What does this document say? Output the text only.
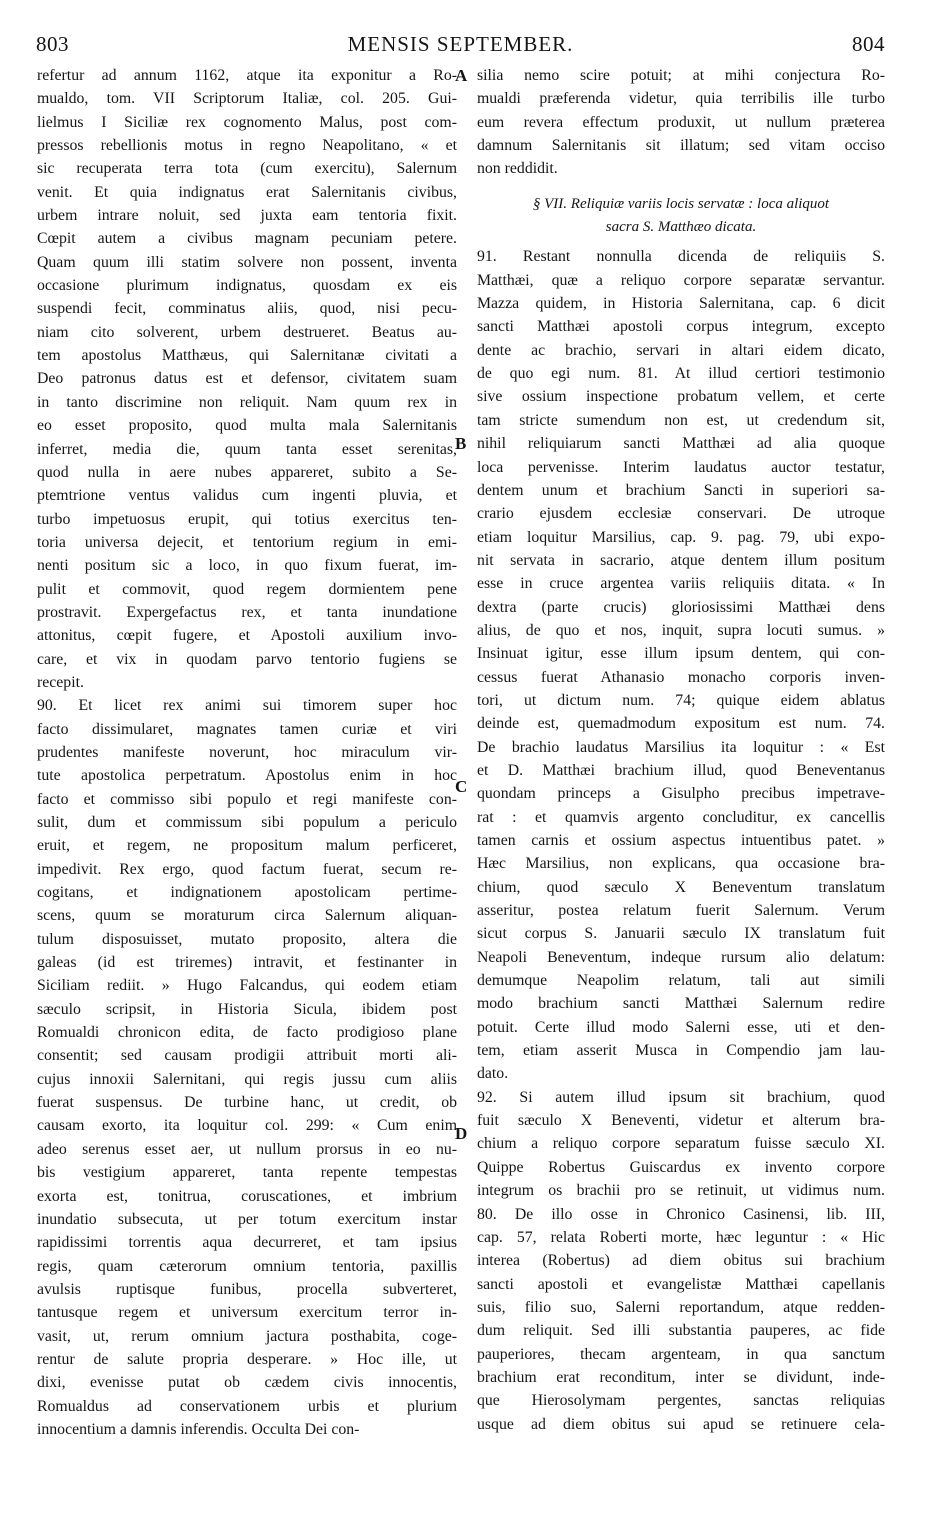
803	MENSIS SEPTEMBER.	804
A
B
C
D
refertur ad annum 1162, atque ita exponitur a Ro-
mualdo, tom. VII Scriptorum Italiæ, col. 205. Gui-
lielmus I Siciliæ rex cognomento Malus, post com-
pressos rebellionis motus in regno Neapolitano, « et
sic recuperata terra tota (cum exercitu), Salernum
venit. Et quia indignatus erat Salernitanis civibus,
urbem intrare noluit, sed juxta eam tentoria fixit.
Cœpit autem a civibus magnam pecuniam petere.
Quam quum illi statim solvere non possent, inventa
occasione plurimum indignatus, quosdam ex eis
suspendi fecit, comminatus aliis, quod, nisi pecu-
niam cito solverent, urbem destrueret. Beatus au-
tem apostolus Matthæus, qui Salernitanæ civitati a
Deo patronus datus est et defensor, civitatem suam
in tanto discrimine non reliquit. Nam quum rex in
eo esset proposito, quod multa mala Salernitanis
inferret, media die, quum tanta esset serenitas,
quod nulla in aere nubes appareret, subito a Se-
ptemtrione ventus validus cum ingenti pluvia, et
turbo impetuosus erupit, qui totius exercitus ten-
toria universa dejecit, et tentorium regium in emi-
nenti positum sic a loco, in quo fixum fuerat, im-
pulit et commovit, quod regem dormientem pene
prostravit. Expergefactus rex, et tanta inundatione
attonitus, cœpit fugere, et Apostoli auxilium invo-
care, et vix in quodam parvo tentorio fugiens se
recepit.
90. Et licet rex animi sui timorem super hoc
facto dissimularet, magnates tamen curiæ et viri
prudentes manifeste noverunt, hoc miraculum vir-
tute apostolica perpetratum. Apostolus enim in hoc
facto et commisso sibi populo et regi manifeste con-
sulit, dum et commissum sibi populum a periculo
eruit, et regem, ne propositum malum perficeret,
impedivit. Rex ergo, quod factum fuerat, secum re-
cogitans, et indignationem apostolicam pertime-
scens, quum se moraturum circa Salernum aliquan-
tulum disposuisset, mutato proposito, altera die
galeas (id est triremes) intravit, et festinanter in
Siciliam rediit. » Hugo Falcandus, qui eodem etiam
sæculo scripsit, in Historia Sicula, ibidem post
Romualdi chronicon edita, de facto prodigioso plane
consentit; sed causam prodigii attribuit morti ali-
cujus innoxii Salernitani, qui regis jussu cum aliis
fuerat suspensus. De turbine hanc, ut credit, ob
causam exorto, ita loquitur col. 299: « Cum enim
adeo serenus esset aer, ut nullum prorsus in eo nu-
bis vestigium appareret, tanta repente tempestas
exorta est, tonitrua, coruscationes, et imbrium
inundatio subsecuta, ut per totum exercitum instar
rapidissimi torrentis aqua decurreret, et tam ipsius
regis, quam cæterorum omnium tentoria, paxillis
avulsis ruptisque funibus, procella subverteret,
tantusque regem et universum exercitum terror in-
vasit, ut, rerum omnium jactura posthabita, coge-
rentur de salute propria desperare. » Hoc ille, ut
dixi, evenisse putat ob cædem civis innocentis,
Romualdus ad conservationem urbis et plurium
innocentium a damnis inferendis. Occulta Dei con-
silia nemo scire potuit; at mihi conjectura Ro-
mualdi præferenda videtur, quia terribilis ille turbo
eum revera effectum produxit, ut nullum præterea
damnum Salernitanis sit illatum; sed vitam occiso
non reddidit.
§ VII. Reliquiæ variis locis servatæ : loca aliquot
sacra S. Matthæo dicata.
91. Restant nonnulla dicenda de reliquiis S.
Matthæi, quæ a reliquo corpore separatæ servantur.
Mazza quidem, in Historia Salernitana, cap. 6 dicit
sancti Matthæi apostoli corpus integrum, excepto
dente ac brachio, servari in altari eidem dicato,
de quo egi num. 81. At illud certiori testimonio
sive ossium inspectione probatum vellem, et certe
tam stricte sumendum non est, ut credendum sit,
nihil reliquiarum sancti Matthæi ad alia quoque
loca pervenisse. Interim laudatus auctor testatur,
dentem unum et brachium Sancti in superiori sa-
crario ejusdem ecclesiæ conservari. De utroque
etiam loquitur Marsilius, cap. 9. pag. 79, ubi expo-
nit servata in sacrario, atque dentem illum positum
esse in cruce argentea variis reliquiis ditata. « In
dextra (parte crucis) gloriosissimi Matthæi dens
alius, de quo et nos, inquit, supra locuti sumus. »
Insinuat igitur, esse illum ipsum dentem, qui con-
cessus fuerat Athanasio monacho corporis inven-
tori, ut dictum num. 74; quique eidem ablatus
deinde est, quemadmodum expositum est num. 74.
De brachio laudatus Marsilius ita loquitur : « Est
et D. Matthæi brachium illud, quod Beneventanus
quondam princeps a Gisulpho precibus impetrave-
rat : et quamvis argento concluditur, ex cancellis
tamen carnis et ossium aspectus intuentibus patet. »
Hæc Marsilius, non explicans, qua occasione bra-
chium, quod sæculo X Beneventum translatum
asseritur, postea relatum fuerit Salernum. Verum
sicut corpus S. Januarii sæculo IX translatum fuit
Neapoli Beneventum, indeque rursum alio delatum:
demumque Neapolim relatum, tali aut simili
modo brachium sancti Matthæi Salernum redire
potuit. Certe illud modo Salerni esse, uti et den-
tem, etiam asserit Musca in Compendio jam lau-
dato.
92. Si autem illud ipsum sit brachium, quod
fuit sæculo X Beneventi, videtur et alterum bra-
chium a reliquo corpore separatum fuisse sæculo XI.
Quippe Robertus Guiscardus ex invento corpore
integrum os brachii pro se retinuit, ut vidimus num.
80. De illo osse in Chronico Casinensi, lib. III,
cap. 57, relata Roberti morte, hæc leguntur : « Hic
interea (Robertus) ad diem obitus sui brachium
sancti apostoli et evangelistæ Matthæi capellanis
suis, filio suo, Salerni reportandum, atque redden-
dum reliquit. Sed illi substantia pauperes, ac fide
pauperiores, thecam argenteam, in qua sanctum
brachium erat reconditum, inter se dividunt, inde-
que Hierosolymam pergentes, sanctas reliquias
usque ad diem obitus sui apud se retinuere cela-
